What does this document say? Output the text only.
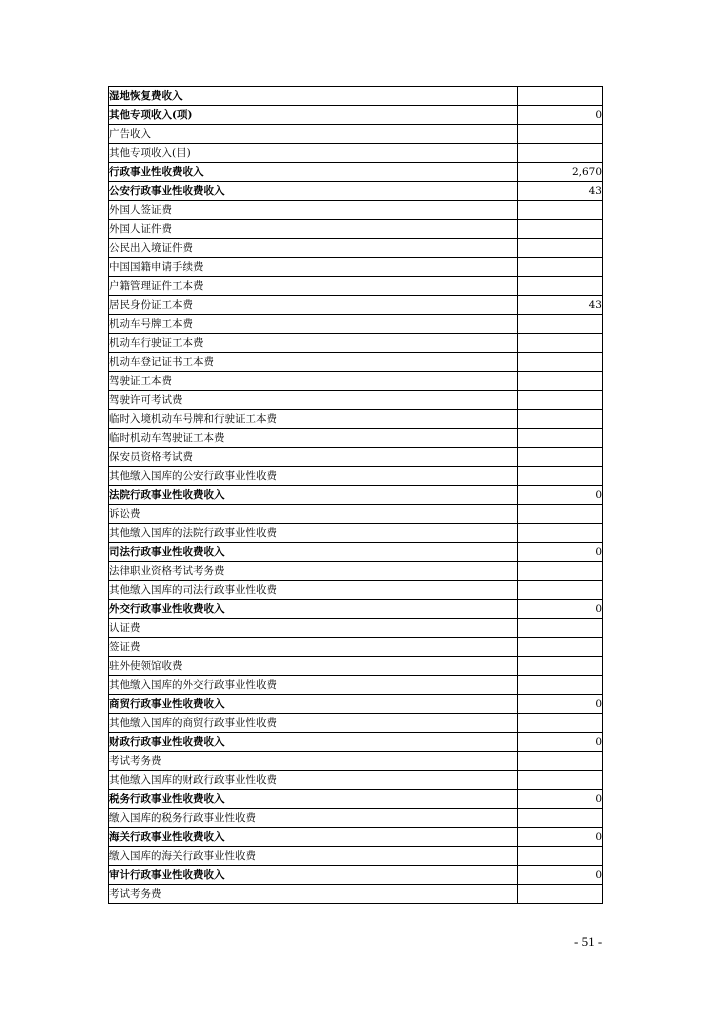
湿地恢复费收入	
其他专项收入(项)	0
广告收入	
其他专项收入(目)	
行政事业性收费收入	2,670
公安行政事业性收费收入	43
外国人签证费	
外国人证件费	
公民出入境证件费	
中国国籍申请手续费	
户籍管理证件工本费	
居民身份证工本费	43
机动车号牌工本费	
机动车行驶证工本费	
机动车登记证书工本费	
驾驶证工本费	
驾驶许可考试费	
临时入境机动车号牌和行驶证工本费	
临时机动车驾驶证工本费	
保安员资格考试费	
其他缴入国库的公安行政事业性收费	
法院行政事业性收费收入	0
诉讼费	
其他缴入国库的法院行政事业性收费	
司法行政事业性收费收入	0
法律职业资格考试考务费	
其他缴入国库的司法行政事业性收费	
外交行政事业性收费收入	0
认证费	
签证费	
驻外使领馆收费	
其他缴入国库的外交行政事业性收费	
商贸行政事业性收费收入	0
其他缴入国库的商贸行政事业性收费	
财政行政事业性收费收入	0
考试考务费	
其他缴入国库的财政行政事业性收费	
税务行政事业性收费收入	0
缴入国库的税务行政事业性收费	
海关行政事业性收费收入	0
缴入国库的海关行政事业性收费	
审计行政事业性收费收入	0
考试考务费	
- 51 -
